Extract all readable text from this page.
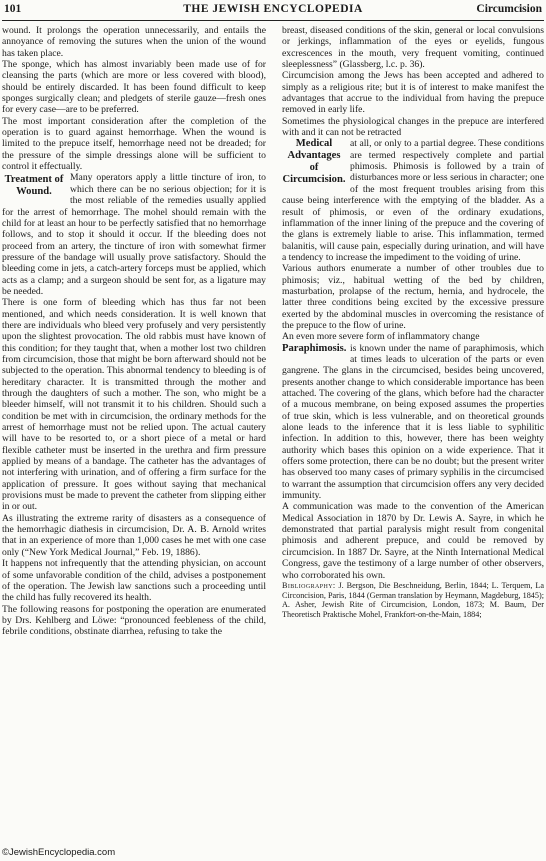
101	THE JEWISH ENCYCLOPEDIA	Circumcision

wound. It prolongs the operation unnecessarily, and entails the annoyance of removing the sutures when the union of the wound has taken place.

The sponge, which has almost invariably been made use of for cleansing the parts (which are more or less covered with blood), should be entirely discarded. It has been found difficult to keep sponges surgically clean; and pledgets of sterile gauze—fresh ones for every case—are to be preferred.

The most important consideration after the completion of the operation is to guard against hemorrhage. When the wound is limited to the prepuce itself, hemorrhage need not be dreaded; for the pressure of the simple dressings alone will be sufficient to control it effectually.

Treatment of Wound.
Many operators apply a little tincture of iron, to which there can be no serious objection; for it is the most reliable of the remedies usually applied for the arrest of hemorrhage. The mohel should remain with the child for at least an hour to be perfectly satisfied that no hemorrhage follows, and to stop it should it occur. If the bleeding does not proceed from an artery, the tincture of iron with somewhat firmer pressure of the bandage will usually prove satisfactory. Should the bleeding come in jets, a catch-artery forceps must be applied, which acts as a clamp; and a surgeon should be sent for, as a ligature may be needed.

There is one form of bleeding which has thus far not been mentioned, and which needs consideration. It is well known that there are individuals who bleed very profusely and very persistently upon the slightest provocation. The old rabbis must have known of this condition; for they taught that, when a mother lost two children from circumcision, those that might be born afterward should not be subjected to the operation. This abnormal tendency to bleeding is of hereditary character. It is transmitted through the mother and through the daughters of such a mother. The son, who might be a bleeder himself, will not transmit it to his children. Should such a condition be met with in circumcision, the ordinary methods for the arrest of hemorrhage must not be relied upon. The actual cautery will have to be resorted to, or a short piece of a metal or hard flexible catheter must be inserted in the urethra and firm pressure applied by means of a bandage. The catheter has the advantages of not interfering with urination, and of offering a firm surface for the application of pressure. It goes without saying that mechanical provisions must be made to prevent the catheter from slipping either in or out.

As illustrating the extreme rarity of disasters as a consequence of the hemorrhagic diathesis in circumcision, Dr. A. B. Arnold writes that in an experience of more than 1,000 cases he met with one case only (“New York Medical Journal,” Feb. 19, 1886).

It happens not infrequently that the attending physician, on account of some unfavorable condition of the child, advises a postponement of the operation. The Jewish law sanctions such a proceeding until the child has fully recovered its health.

The following reasons for postponing the operation are enumerated by Drs. Kehlberg and Löwe: “pronounced feebleness of the child, febrile conditions, obstinate diarrhea, refusing to take the

breast, diseased conditions of the skin, general or local convulsions or jerkings, inflammation of the eyes or eyelids, fungous excrescences in the mouth, very frequent vomiting, continued sleeplessness” (Glassberg, l.c. p. 36).

Circumcision among the Jews has been accepted and adhered to simply as a religious rite; but it is of interest to make manifest the advantages that accrue to the individual from having the prepuce removed in early life.

Sometimes the physiological changes in the prepuce are interfered with and it can not be retracted

Medical Advantages of Circumcision.
at all, or only to a partial degree. These conditions are termed respectively complete and partial phimosis. Phimosis is followed by a train of disturbances more or less serious in character; one of the most frequent troubles arising from this cause being interference with the emptying of the bladder. As a result of phimosis, or even of the ordinary exudations, inflammation of the inner lining of the prepuce and the covering of the glans is extremely liable to arise. This inflammation, termed balanitis, will cause pain, especially during urination, and will have a tendency to increase the impediment to the voiding of urine.

Various authors enumerate a number of other troubles due to phimosis; viz., habitual wetting of the bed by children, masturbation, prolapse of the rectum, hernia, and hydrocele, the latter three conditions being excited by the excessive pressure exerted by the abdominal muscles in overcoming the resistance of the prepuce to the flow of urine.

An even more severe form of inflammatory change

Paraphimosis. is known under the name of paraphimosis, which at times leads to ulceration of the parts or even gangrene. The glans in the circumcised, besides being uncovered, presents another change to which considerable importance has been attached. The covering of the glans, which before had the character of a mucous membrane, on being exposed assumes the properties of true skin, which is less vulnerable, and on theoretical grounds alone leads to the inference that it is less liable to syphilitic infection. In addition to this, however, there has been weighty authority which bases this opinion on a wide experience. That it offers some protection, there can be no doubt; but the present writer has observed too many cases of primary syphilis in the circumcised to warrant the assumption that circumcision offers any very decided immunity.

A communication was made to the convention of the American Medical Association in 1870 by Dr. Lewis A. Sayre, in which he demonstrated that partial paralysis might result from congenital phimosis and adherent prepuce, and could be removed by circumcision. In 1887 Dr. Sayre, at the Ninth International Medical Congress, gave the testimony of a large number of other observers, who corroborated his own.

Bibliography: J. Bergson, Die Beschneidung, Berlin, 1844; L. Terquem, La Circoncision, Paris, 1844 (German translation by Heymann, Magdeburg, 1845); A. Asher, Jewish Rite of Circumcision, London, 1873; M. Baum, Der Theoretisch Praktische Mohel, Frankfort-on-the-Main, 1884;

©JewishEncyclopedia.com
